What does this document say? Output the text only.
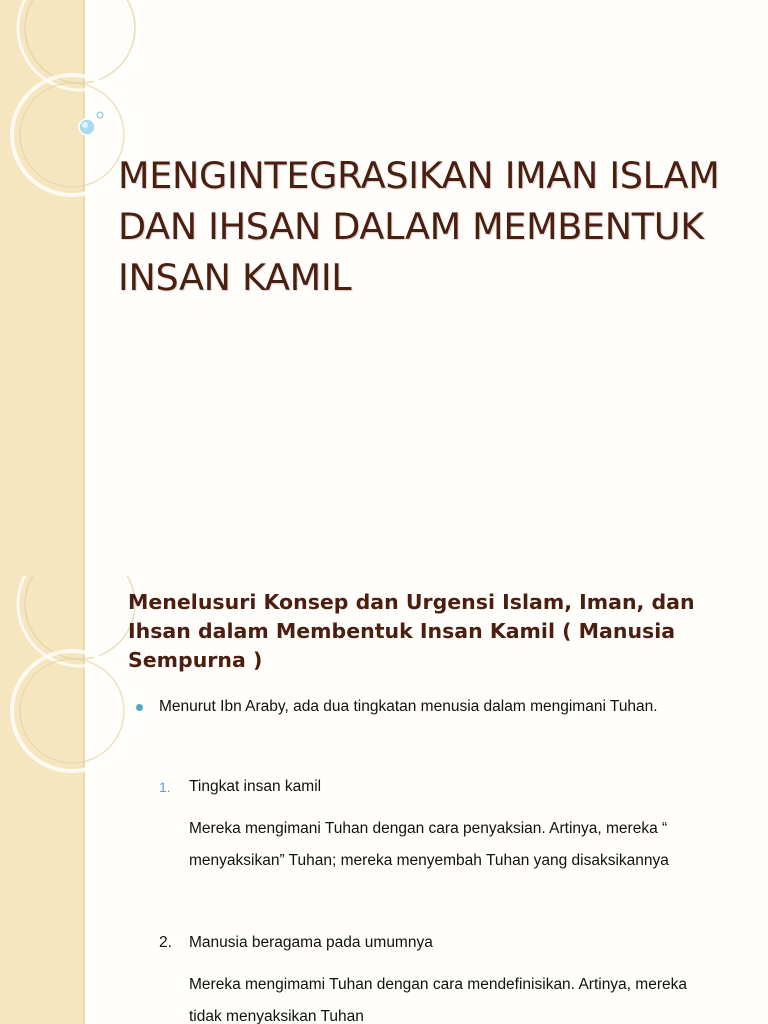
MENGINTEGRASIKAN IMAN ISLAM DAN IHSAN DALAM MEMBENTUK INSAN KAMIL
Menelusuri Konsep dan Urgensi Islam, Iman, dan Ihsan dalam Membentuk Insan Kamil ( Manusia Sempurna )
Menurut Ibn Araby, ada dua tingkatan menusia dalam mengimani Tuhan.
1. Tingkat insan kamil
Mereka mengimani Tuhan dengan cara penyaksian. Artinya, mereka “
menyaksikan” Tuhan; mereka menyembah Tuhan yang disaksikannya
2. Manusia beragama pada umumnya
Mereka mengimami Tuhan dengan cara mendefinisikan. Artinya, mereka
tidak menyaksikan Tuhan
